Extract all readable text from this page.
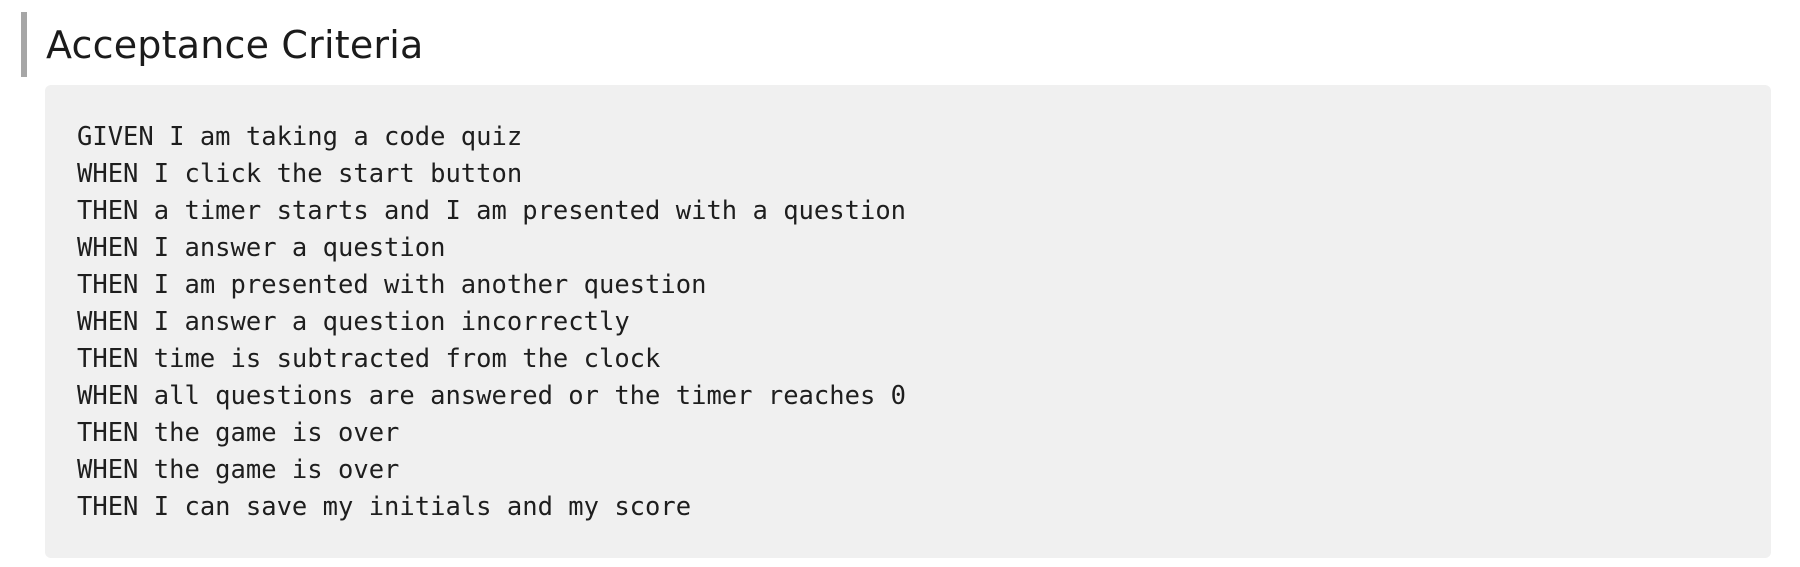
Acceptance Criteria
GIVEN I am taking a code quiz
WHEN I click the start button
THEN a timer starts and I am presented with a question
WHEN I answer a question
THEN I am presented with another question
WHEN I answer a question incorrectly
THEN time is subtracted from the clock
WHEN all questions are answered or the timer reaches 0
THEN the game is over
WHEN the game is over
THEN I can save my initials and my score
